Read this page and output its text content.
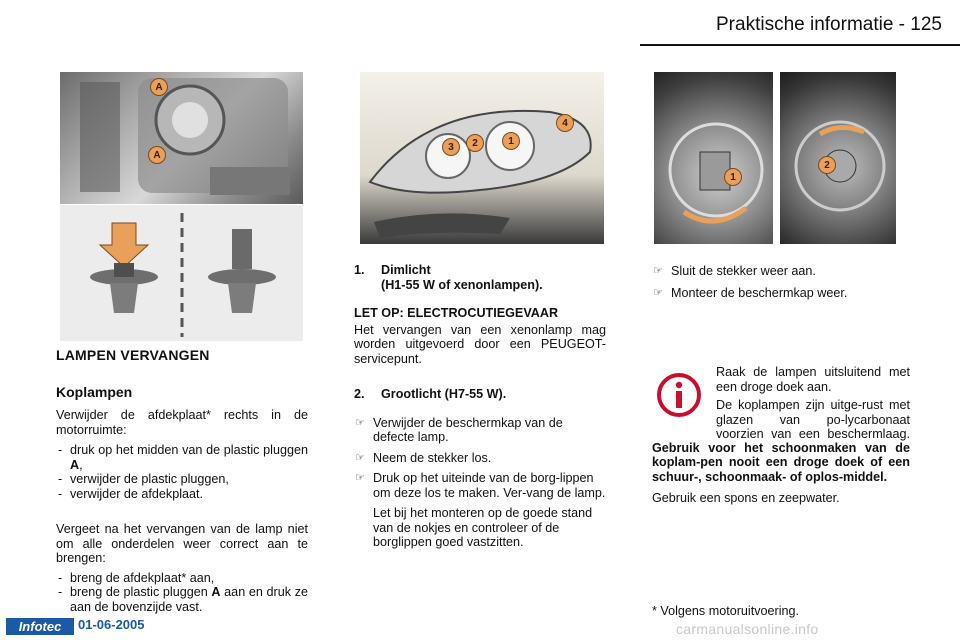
Praktische informatie - 125
A
A
3	2	1
4
1
2
LAMPEN VERVANGEN
Koplampen
Verwijder de afdekplaat* rechts in de motorruimte:
- druk op het midden van de plastic pluggen A,
- verwijder de plastic pluggen,
- verwijder de afdekplaat.
Vergeet na het vervangen van de lamp niet om alle onderdelen weer correct aan te brengen:
- breng de afdekplaat* aan,
- breng de plastic pluggen A aan en druk ze aan de bovenzijde vast.
1.	Dimlicht
(H1-55 W of xenonlampen).
LET OP: ELECTROCUTIEGEVAAR
Het vervangen van een xenonlamp mag worden uitgevoerd door een PEUGEOT-servicepunt.
2.	Grootlicht (H7-55 W).
☞ Verwijder de beschermkap van de defecte lamp.
☞ Neem de stekker los.
☞ Druk op het uiteinde van de borg-lippen om deze los te maken. Ver-vang de lamp.
Let bij het monteren op de goede stand van de nokjes en controleer of de borglippen goed vastzitten.
☞ Sluit de stekker weer aan.
☞ Monteer de beschermkap weer.
Raak de lampen uitsluitend met een droge doek aan.
De koplampen zijn uitge-rust met glazen van po-lycarbonaat voorzien van een beschermlaag.
Gebruik voor het schoonmaken van de koplam-pen nooit een droge doek of een schuur-, schoonmaak- of oplos-middel.
Gebruik een spons en zeepwater.
* Volgens motoruitvoering.
Infotec	01-06-2005	carmanualsonline.info
